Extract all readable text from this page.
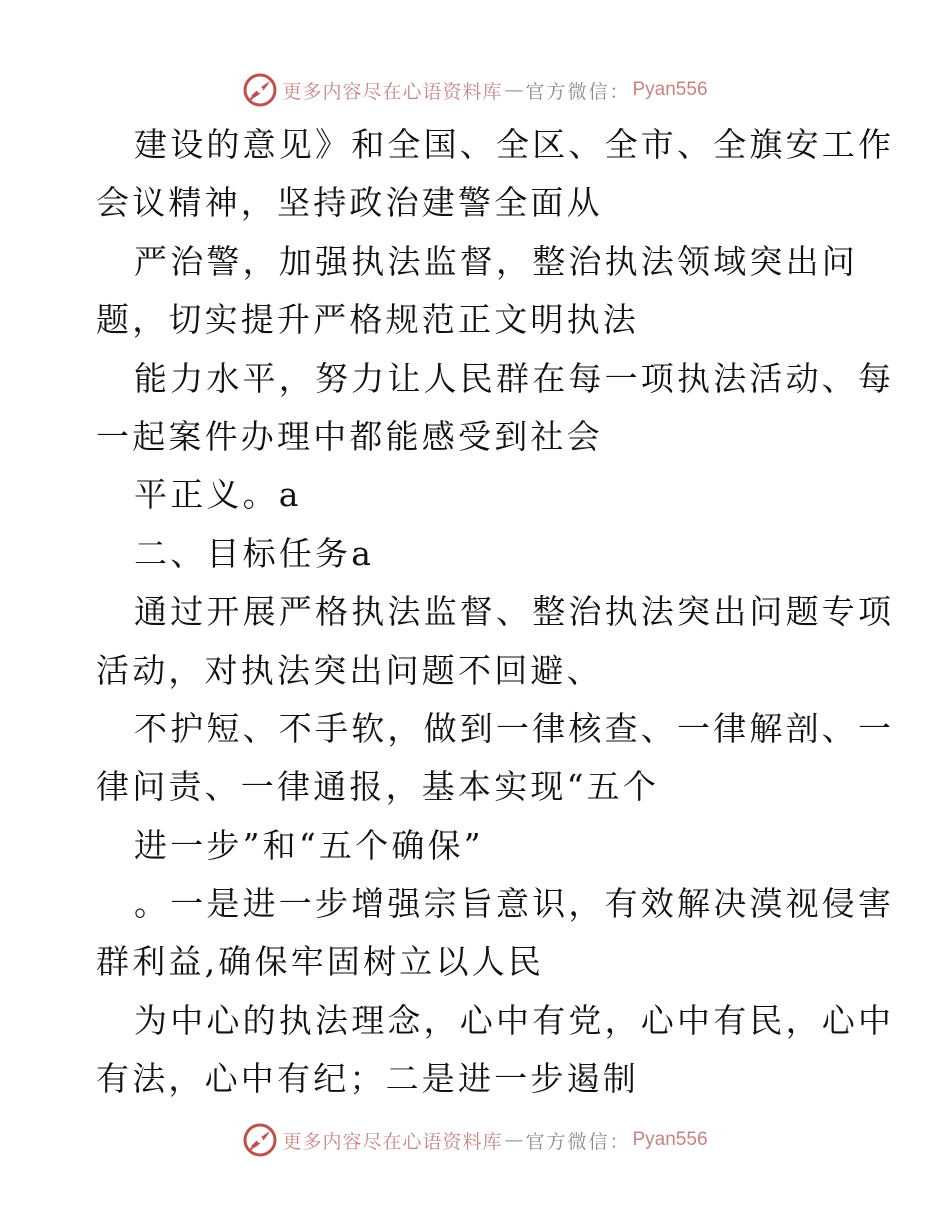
更多内容尽在心语资料库 — 官方微信： Pyan556
建设的意见》和全国、全区、全市、全旗安工作
会议精神，坚持政治建警全面从
严治警，加强执法监督，整治执法领域突出问
题，切实提升严格规范正文明执法
能力水平，努力让人民群在每一项执法活动、每
一起案件办理中都能感受到社会
平正义。a
二、目标任务a
通过开展严格执法监督、整治执法突出问题专项
活动，对执法突出问题不回避、
不护短、不手软，做到一律核查、一律解剖、一
律问责、一律通报，基本实现“五个
进一步”和“五个确保”
。一是进一步增强宗旨意识，有效解决漠视侵害
群利益,确保牢固树立以人民
为中心的执法理念，心中有党，心中有民，心中
有法，心中有纪；二是进一步遏制
更多内容尽在心语资料库 — 官方微信： Pyan556
